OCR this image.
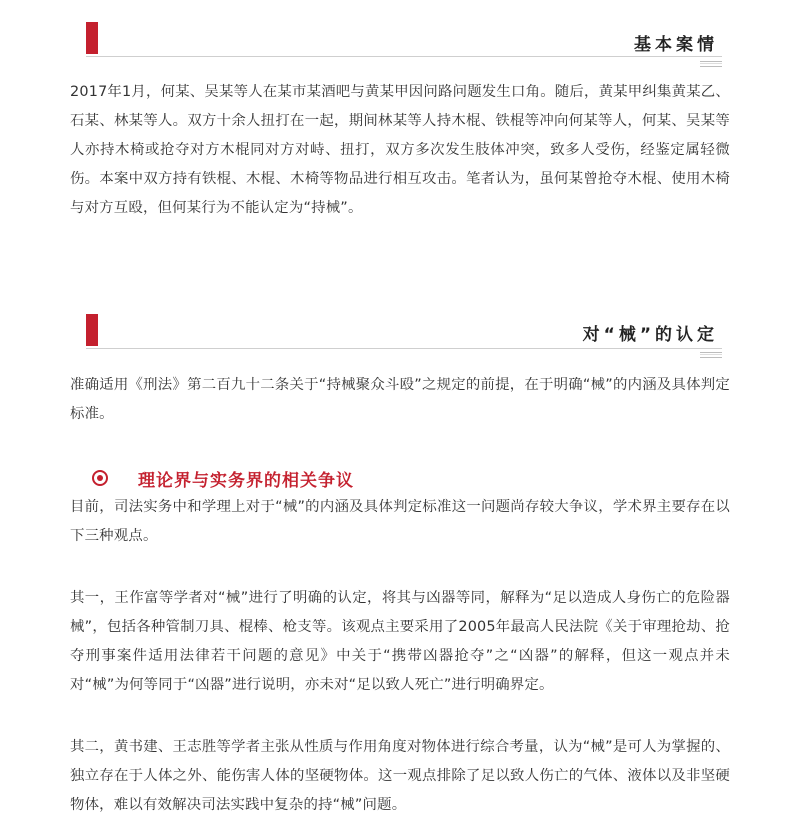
基本案情

2017年1月，何某、吴某等人在某市某酒吧与黄某甲因问路问题发生口角。随后，黄某甲纠集黄某乙、石某、林某等人。双方十余人扭打在一起，期间林某等人持木棍、铁棍等冲向何某等人，何某、吴某等人亦持木椅或抢夺对方木棍同对方对峙、扭打，双方多次发生肢体冲突，致多人受伤，经鉴定属轻微伤。本案中双方持有铁棍、木棍、木椅等物品进行相互攻击。笔者认为，虽何某曾抢夺木棍、使用木椅与对方互殴，但何某行为不能认定为“持械”。

对“械”的认定

准确适用《刑法》第二百九十二条关于“持械聚众斗殴”之规定的前提，在于明确“械”的内涵及具体判定标准。

理论界与实务界的相关争议

目前，司法实务中和学理上对于“械”的内涵及具体判定标准这一问题尚存较大争议，学术界主要存在以下三种观点。

其一，王作富等学者对“械”进行了明确的认定，将其与凶器等同，解释为“足以造成人身伤亡的危险器械”，包括各种管制刀具、棍棒、枪支等。该观点主要采用了2005年最高人民法院《关于审理抢劫、抢夺刑事案件适用法律若干问题的意见》中关于“携带凶器抢夺”之“凶器”的解释，但这一观点并未对“械”为何等同于“凶器”进行说明，亦未对“足以致人死亡”进行明确界定。

其二，黄书建、王志胜等学者主张从性质与作用角度对物体进行综合考量，认为“械”是可人为掌握的、独立存在于人体之外、能伤害人体的坚硬物体。这一观点排除了足以致人伤亡的气体、液体以及非坚硬物体，难以有效解决司法实践中复杂的持“械”问题。
